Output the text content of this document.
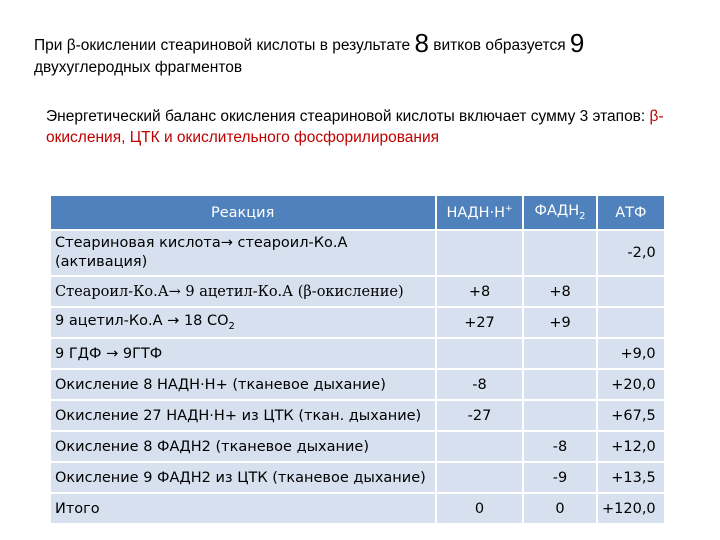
При β-окислении стеариновой кислоты в результате 8 витков образуется 9
двухуглеродных фрагментов
Энергетический баланс окисления стеариновой кислоты включает сумму 3 этапов: β-окисления, ЦТК и окислительного фосфорилирования
Реакция	НАДН·Н+	$ФАДН_2$	АТФ
Стеариновая кислота→ стеароил-Ко.А (активация)			-2,0
Стеароил-Ко.А→ 9 ацетил-Ко.А (β-окисление)	+8	+8	
9 ацетил-Ко.А → 18 $СО_2$	+27	+9	
9 ГДФ → 9ГТФ			+9,0
Окисление 8 НАДН·Н+ (тканевое дыхание)	-8		+20,0
Окисление 27 НАДН·Н+ из ЦТК (ткан. дыхание)	-27		+67,5
Окисление 8 ФАДН2 (тканевое дыхание)		-8	+12,0
Окисление 9 ФАДН2 из ЦТК (тканевое дыхание)		-9	+13,5
Итого	0	0	+120,0
